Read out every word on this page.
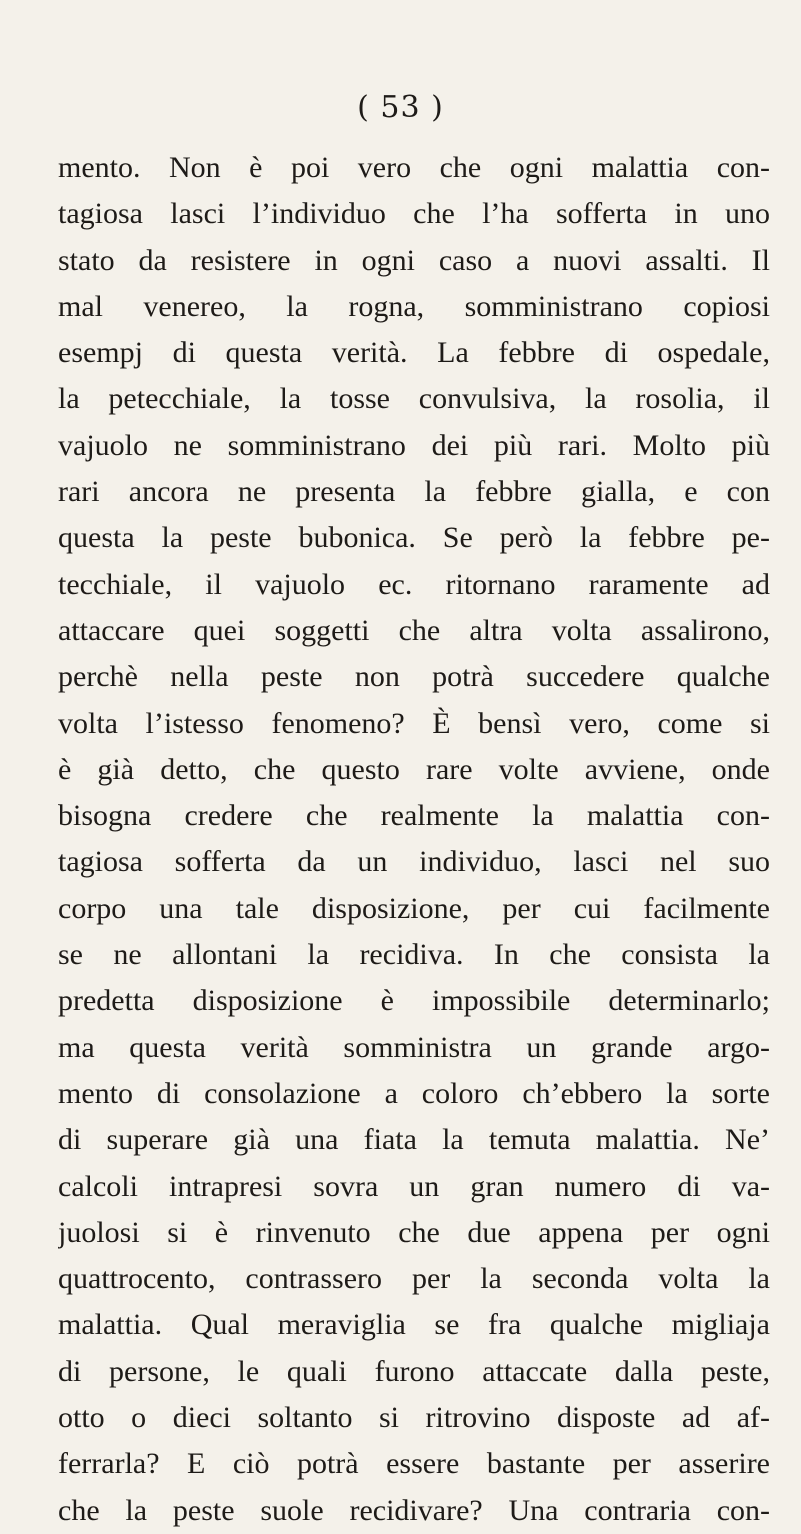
( 53 )
mento. Non è poi vero che ogni malattia con‑
tagiosa lasci l’individuo che l’ha sofferta in uno
stato da resistere in ogni caso a nuovi assalti. Il
mal venereo, la rogna, somministrano copiosi
esempj di questa verità. La febbre di ospedale,
la petecchiale, la tosse convulsiva, la rosolia, il
vajuolo ne somministrano dei più rari. Molto più
rari ancora ne presenta la febbre gialla, e con
questa la peste bubonica. Se però la febbre pe-
tecchiale, il vajuolo ec. ritornano raramente ad
attaccare quei soggetti che altra volta assalirono,
perchè nella peste non potrà succedere qualche
volta l’istesso fenomeno? È bensì vero, come si
è già detto, che questo rare volte avviene, onde
bisogna credere che realmente la malattia con-
tagiosa sofferta da un individuo, lasci nel suo
corpo una tale disposizione, per cui facilmente
se ne allontani la recidiva. In che consista la
predetta disposizione è impossibile determinarlo;
ma questa verità somministra un grande argo-
mento di consolazione a coloro ch’ebbero la sorte
di superare già una fiata la temuta malattia. Ne’
calcoli intrapresi sovra un gran numero di va-
juolosi si è rinvenuto che due appena per ogni
quattrocento, contrassero per la seconda volta la
malattia. Qual meraviglia se fra qualche migliaja
di persone, le quali furono attaccate dalla peste,
otto o dieci soltanto si ritrovino disposte ad af-
ferrarla? E ciò potrà essere bastante per asserire
che la peste suole recidivare? Una contraria con-
